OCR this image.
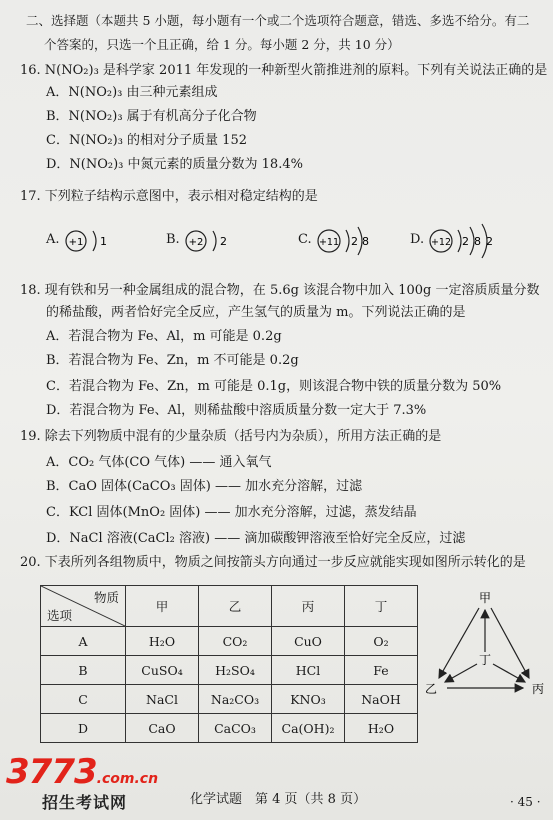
二、选择题（本题共 5 小题，每小题有一个或二个选项符合题意，错选、多选不给分。有二
个答案的，只选一个且正确，给 1 分。每小题 2 分，共 10 分）
16. N(NO₂)₃ 是科学家 2011 年发现的一种新型火箭推进剂的原料。下列有关说法正确的是
A．N(NO₂)₃ 由三种元素组成
B．N(NO₂)₃ 属于有机高分子化合物
C．N(NO₂)₃ 的相对分子质量 152
D．N(NO₂)₃ 中氮元素的质量分数为 18.4%
17. 下列粒子结构示意图中，表示相对稳定结构的是
A. +1 1	B. +2 2	C. +11 2 8	D. +12 2 8 2
18. 现有铁和另一种金属组成的混合物，在 5.6g 该混合物中加入 100g 一定溶质质量分数
的稀盐酸，两者恰好完全反应，产生氢气的质量为 m。下列说法正确的是
A．若混合物为 Fe、Al，m 可能是 0.2g
B．若混合物为 Fe、Zn，m 不可能是 0.2g
C．若混合物为 Fe、Zn，m 可能是 0.1g，则该混合物中铁的质量分数为 50%
D．若混合物为 Fe、Al，则稀盐酸中溶质质量分数一定大于 7.3%
19. 除去下列物质中混有的少量杂质（括号内为杂质），所用方法正确的是
A．CO₂ 气体(CO 气体) —— 通入氧气
B．CaO 固体(CaCO₃ 固体) —— 加水充分溶解，过滤
C．KCl 固体(MnO₂ 固体) —— 加水充分溶解，过滤，蒸发结晶
D．NaCl 溶液(CaCl₂ 溶液) —— 滴加碳酸钾溶液至恰好完全反应，过滤
20. 下表所列各组物质中，物质之间按箭头方向通过一步反应就能实现如图所示转化的是
物质
选项	甲	乙	丙	丁
A	H₂O	CO₂	CuO	O₂
B	CuSO₄	H₂SO₄	HCl	Fe
C	NaCl	Na₂CO₃	KNO₃	NaOH
D	CaO	CaCO₃	Ca(OH)₂	H₂O
甲
丁
乙	丙
3773.com.cn
招生考试网	化学试题　第 4 页（共 8 页）	· 45 ·
